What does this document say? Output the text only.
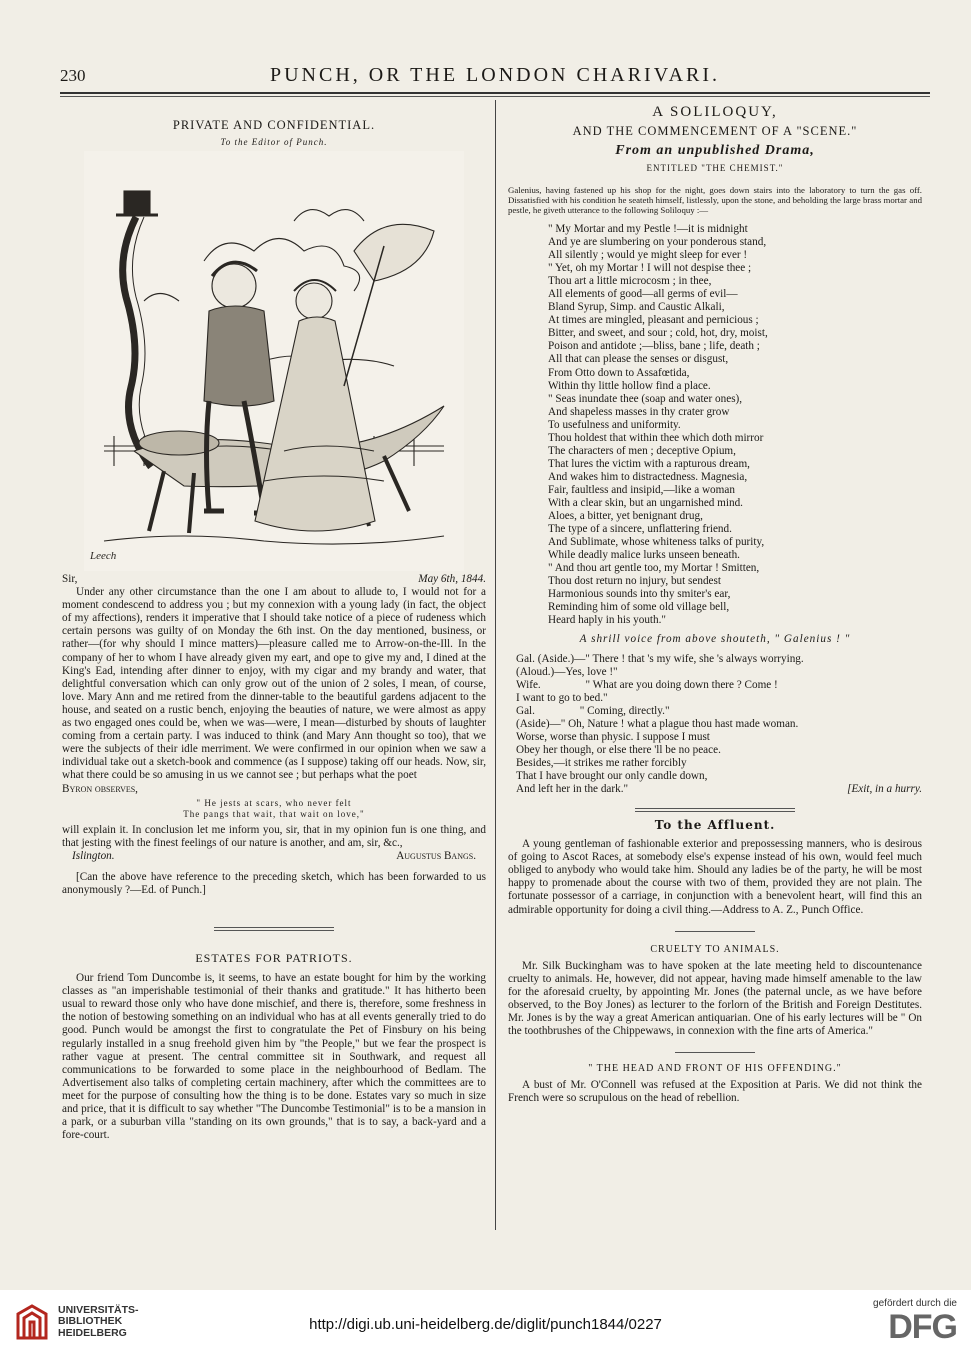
230	PUNCH, OR THE LONDON CHARIVARI.

PRIVATE AND CONFIDENTIAL.

To the Editor of Punch.

Leech
Sir,	May 6th, 1844.

Under any other circumstance than the one I am about to allude to, I would not for a moment condescend to address you ; but my connexion with a young lady (in fact, the object of my affections), renders it imperative that I should take notice of a piece of rudeness which certain persons was guilty of on Monday the 6th inst. On the day mentioned, business, or rather—(for why should I mince matters)—pleasure called me to Arrow-on-the-Ill. In the company of her to whom I have already given my eart, and ope to give my and, I dined at the King's Ead, intending after dinner to enjoy, with my cigar and my brandy and water, that delightful conversation which can only grow out of the union of 2 soles, I mean, of course, love. Mary Ann and me retired from the dinner-table to the beautiful gardens adjacent to the house, and seated on a rustic bench, enjoying the beauties of nature, we were almost as appy as two engaged ones could be, when we was—were, I mean—disturbed by shouts of laughter coming from a certain party. I was induced to think (and Mary Ann thought so too), that we were the subjects of their idle merriment. We were confirmed in our opinion when we saw a individual take out a sketch-book and commence (as I suppose) taking off our heads. Now, sir, what there could be so amusing in us we cannot see ; but perhaps what the poet

Byron observes,

" He jests at scars, who never felt

The pangs that wait, that wait on love,"

will explain it. In conclusion let me inform you, sir, that in my opinion fun is one thing, and that jesting with the finest feelings of our nature is another, and am, sir, &c.,

Islington.	Augustus Bangs.

[Can the above have reference to the preceding sketch, which has been forwarded to us anonymously ?—Ed. of Punch.]

ESTATES FOR PATRIOTS.

Our friend Tom Duncombe is, it seems, to have an estate bought for him by the working classes as "an imperishable testimonial of their thanks and gratitude." It has hitherto been usual to reward those only who have done mischief, and there is, therefore, some freshness in the notion of bestowing something on an individual who has at all events generally tried to do good. Punch would be amongst the first to congratulate the Pet of Finsbury on his being regularly installed in a snug freehold given him by "the People," but we fear the prospect is rather vague at present. The central committee sit in Southwark, and request all communications to be forwarded to some place in the neighbourhood of Bedlam. The Advertisement also talks of completing certain machinery, after which the committees are to meet for the purpose of consulting how the thing is to be done. Estates vary so much in size and price, that it is difficult to say whether "The Duncombe Testimonial" is to be a mansion in a park, or a suburban villa "standing on its own grounds," that is to say, a back-yard and a fore-court.

A SOLILOQUY,

AND THE COMMENCEMENT OF A "SCENE."

From an unpublished Drama,

ENTITLED "THE CHEMIST."

Galenius, having fastened up his shop for the night, goes down stairs into the laboratory to turn the gas off. Dissatisfied with his condition he seateth himself, listlessly, upon the stone, and beholding the large brass mortar and pestle, he giveth utterance to the following Soliloquy :—

" My Mortar and my Pestle !—it is midnight

And ye are slumbering on your ponderous stand,

All silently ; would ye might sleep for ever !

" Yet, oh my Mortar ! I will not despise thee ;

Thou art a little microcosm ; in thee,

All elements of good—all germs of evil—

Bland Syrup, Simp. and Caustic Alkali,

At times are mingled, pleasant and pernicious ;

Bitter, and sweet, and sour ; cold, hot, dry, moist,

Poison and antidote ;—bliss, bane ; life, death ;

All that can please the senses or disgust,

From Otto down to Assafœtida,

Within thy little hollow find a place.

" Seas inundate thee (soap and water ones),

And shapeless masses in thy crater grow

To usefulness and uniformity.

Thou holdest that within thee which doth mirror

The characters of men ; deceptive Opium,

That lures the victim with a rapturous dream,

And wakes him to distractedness. Magnesia,

Fair, faultless and insipid,—like a woman

With a clear skin, but an ungarnished mind.

Aloes, a bitter, yet benignant drug,

The type of a sincere, unflattering friend.

And Sublimate, whose whiteness talks of purity,

While deadly malice lurks unseen beneath.

" And thou art gentle too, my Mortar ! Smitten,

Thou dost return no injury, but sendest

Harmonious sounds into thy smiter's ear,

Reminding him of some old village bell,

Heard haply in his youth."

A shrill voice from above shouteth, " Galenius ! "

Gal. (Aside.)—" There ! that 's my wife, she 's always worrying.

(Aloud.)—Yes, love !"

Wife.                " What are you doing down there ? Come !

I want to go to bed."

Gal.                " Coming, directly."

(Aside)—" Oh, Nature ! what a plague thou hast made woman.

Worse, worse than physic. I suppose I must

Obey her though, or else there 'll be no peace.

Besides,—it strikes me rather forcibly

That I have brought our only candle down,

And left her in the dark."	[Exit, in a hurry.

To the Affluent.

A young gentleman of fashionable exterior and prepossessing manners, who is desirous of going to Ascot Races, at somebody else's expense instead of his own, would feel much obliged to anybody who would take him. Should any ladies be of the party, he will be most happy to promenade about the course with two of them, provided they are not plain. The fortunate possessor of a carriage, in conjunction with a benevolent heart, will find this an admirable opportunity for doing a civil thing.—Address to A. Z., Punch Office.

CRUELTY TO ANIMALS.

Mr. Silk Buckingham was to have spoken at the late meeting held to discountenance cruelty to animals. He, however, did not appear, having made himself amenable to the law for the aforesaid cruelty, by appointing Mr. Jones (the paternal uncle, as we have before observed, to the Boy Jones) as lecturer to the forlorn of the British and Foreign Destitutes. Mr. Jones is by the way a great American antiquarian. One of his early lectures will be " On the toothbrushes of the Chippewaws, in connexion with the fine arts of America."

" THE HEAD AND FRONT OF HIS OFFENDING."

A bust of Mr. O'Connell was refused at the Exposition at Paris. We did not think the French were so scrupulous on the head of rebellion.

UNIVERSITÄTS-
BIBLIOTHEK
HEIDELBERG	http://digi.ub.uni-heidelberg.de/diglit/punch1844/0227
gefördert durch die
DFG
